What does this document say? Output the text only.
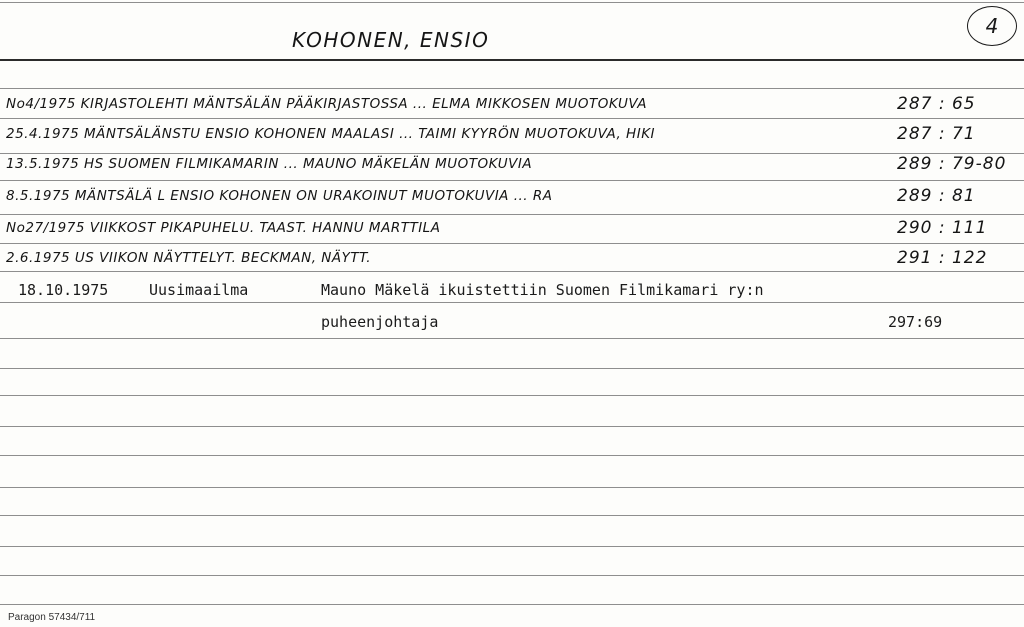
KOHONEN, ENSIO
4
No4/1975 KIRJASTOLEHTI MÄNTSÄLÄN PÄÄKIRJASTOSSA ... ELMA MIKKOSEN MUOTOKUVA	287 : 65
25.4.1975 MÄNTSÄLÄNSTU ENSIO KOHONEN MAALASI ... TAIMI KYYRÖN MUOTOKUVA, HIKI	287 : 71
13.5.1975 HS SUOMEN FILMIKAMARIN ... MAUNO MÄKELÄN MUOTOKUVIA	289 : 79-80
8.5.1975 MÄNTSÄLÄ L ENSIO KOHONEN ON URAKOINUT MUOTOKUVIA ... RA	289 : 81
No27/1975 VIIKKOST PIKAPUHELU. TAAST. HANNU MARTTILA	290 : 111
2.6.1975 US VIIKON NÄYTTELYT. BECKMAN, NÄYTT.	291 : 122
18.10.1975	Uusimaailma	Mauno Mäkelä ikuistettiin Suomen Filmikamari ry:n
puheenjohtaja	297:69
Paragon 57434/711
